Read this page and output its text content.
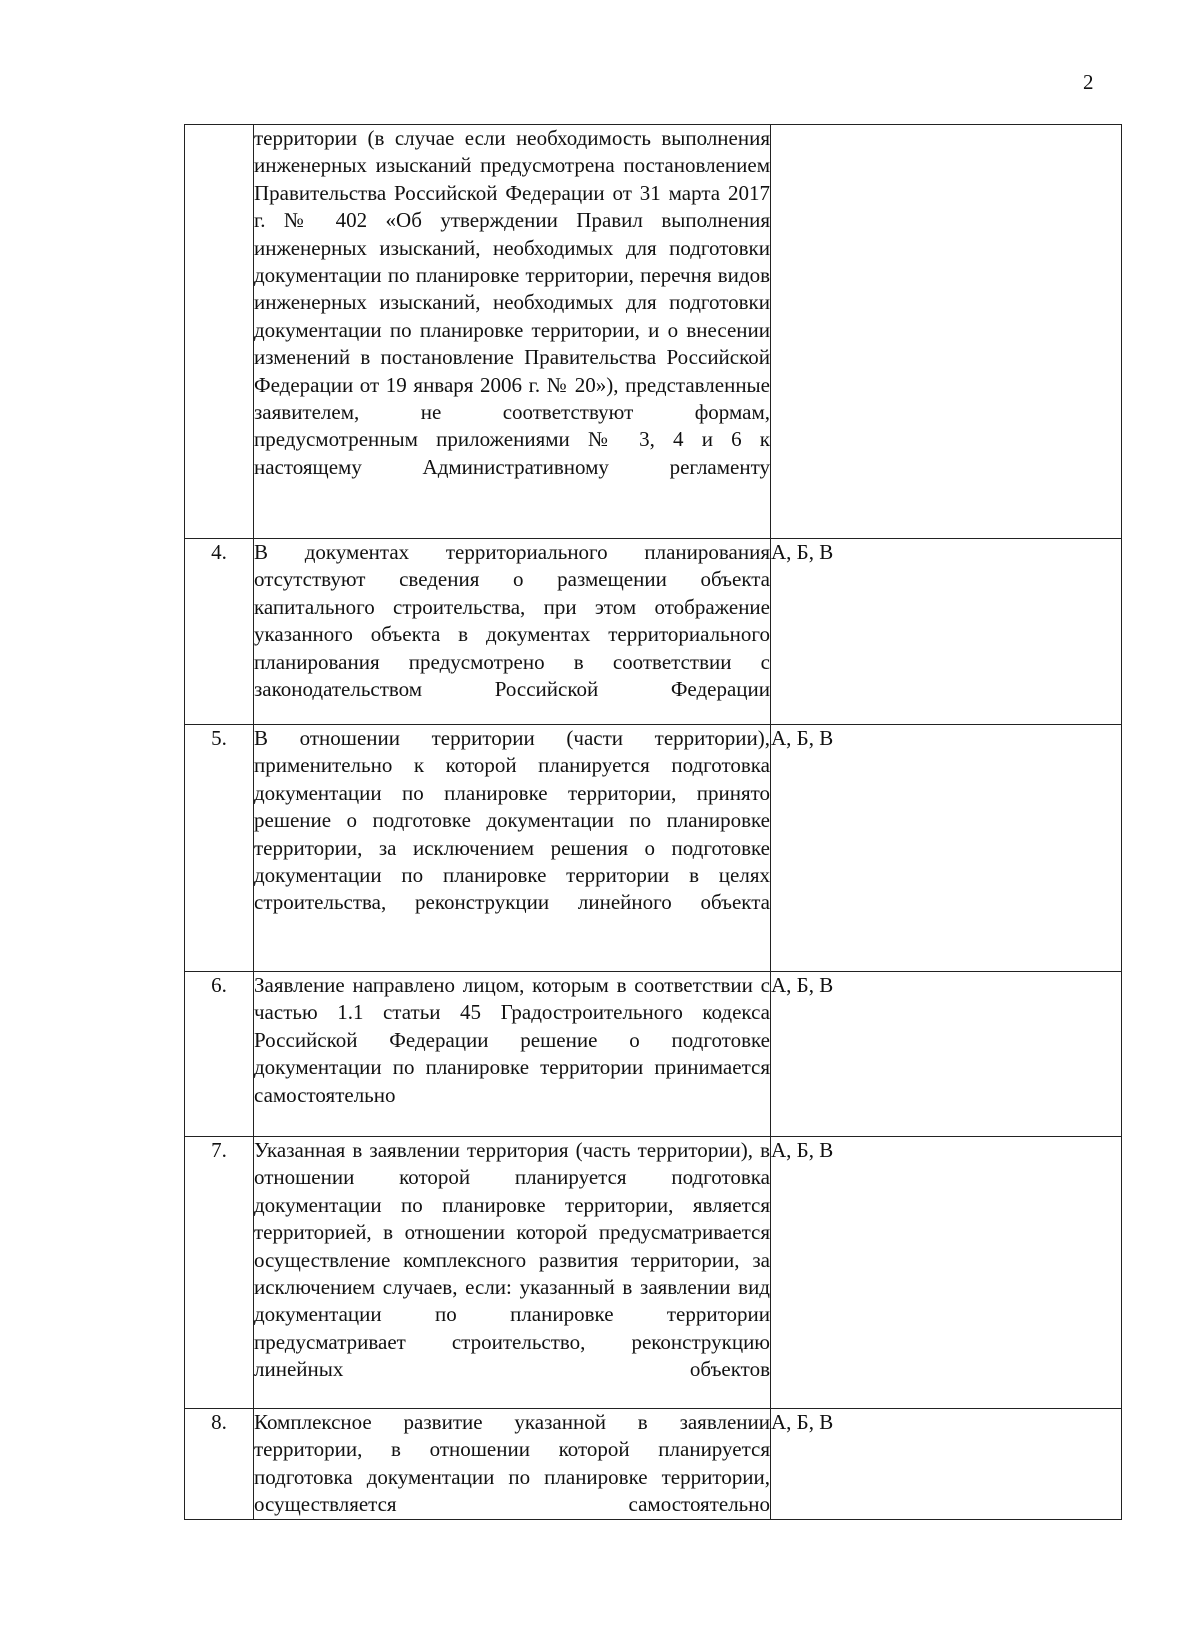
2
	территории (в случае если необходимость выполнения инженерных изысканий предусмотрена постановлением Правительства Российской Федерации от 31 марта 2017 г. № 402 «Об утверждении Правил выполнения инженерных изысканий, необходимых для подготовки документации по планировке территории, перечня видов инженерных изысканий, необходимых для подготовки документации по планировке территории, и о внесении изменений в постановление Правительства Российской Федерации от 19 января 2006 г. № 20»), представленные заявителем, не соответствуют формам, предусмотренным приложениями № 3, 4 и 6 к настоящему Административному регламенту	
4.	В документах территориального планирования отсутствуют сведения о размещении объекта капитального строительства, при этом отображение указанного объекта в документах территориального планирования предусмотрено в соответствии с законодательством Российской Федерации	А, Б, В
5.	В отношении территории (части территории), применительно к которой планируется подготовка документации по планировке территории, принято решение о подготовке документации по планировке территории, за исключением решения о подготовке документации по планировке территории в целях строительства, реконструкции линейного объекта	А, Б, В
6.	Заявление направлено лицом, которым в соответствии с частью 1.1 статьи 45 Градостроительного кодекса Российской Федерации решение о подготовке документации по планировке территории принимается самостоятельно	А, Б, В
7.	Указанная в заявлении территория (часть территории), в отношении которой планируется подготовка документации по планировке территории, является территорией, в отношении которой предусматривается осуществление комплексного развития территории, за исключением случаев, если: указанный в заявлении вид документации по планировке территории предусматривает строительство, реконструкцию линейных объектов	А, Б, В
8.	Комплексное развитие указанной в заявлении территории, в отношении которой планируется подготовка документации по планировке территории, осуществляется самостоятельно	А, Б, В
